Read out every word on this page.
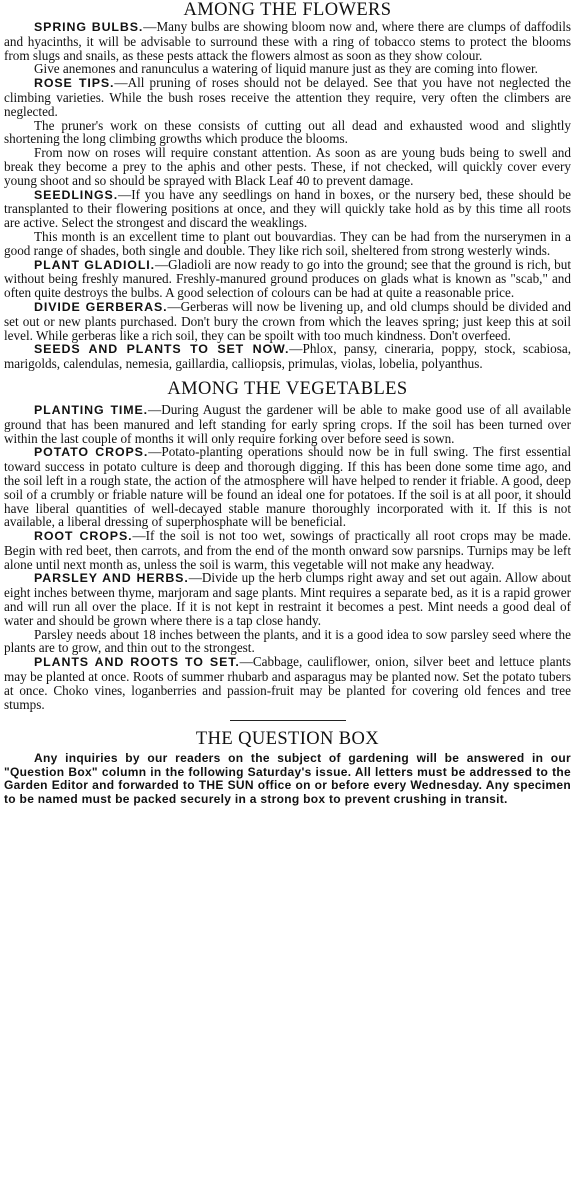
AMONG THE FLOWERS

SPRING BULBS.—Many bulbs are showing bloom now and, where there are clumps of daffodils and hyacinths, it will be advisable to surround these with a ring of tobacco stems to protect the blooms from slugs and snails, as these pests attack the flowers almost as soon as they show colour.

Give anemones and ranunculus a watering of liquid manure just as they are coming into flower.

ROSE TIPS.—All pruning of roses should not be delayed. See that you have not neglected the climbing varieties. While the bush roses receive the attention they require, very often the climbers are neglected.

The pruner's work on these consists of cutting out all dead and exhausted wood and slightly shortening the long climbing growths which produce the blooms.

From now on roses will require constant attention. As soon as are young buds being to swell and break they become a prey to the aphis and other pests. These, if not checked, will quickly cover every young shoot and so should be sprayed with Black Leaf 40 to prevent damage.

SEEDLINGS.—If you have any seedlings on hand in boxes, or the nursery bed, these should be transplanted to their flowering positions at once, and they will quickly take hold as by this time all roots are active. Select the strongest and discard the weaklings.

This month is an excellent time to plant out bouvardias. They can be had from the nurserymen in a good range of shades, both single and double. They like rich soil, sheltered from strong westerly winds.

PLANT GLADIOLI.—Gladioli are now ready to go into the ground; see that the ground is rich, but without being freshly manured. Freshly-manured ground produces on glads what is known as "scab," and often quite destroys the bulbs. A good selection of colours can be had at quite a reasonable price.

DIVIDE GERBERAS.—Gerberas will now be livening up, and old clumps should be divided and set out or new plants purchased. Don't bury the crown from which the leaves spring; just keep this at soil level. While gerberas like a rich soil, they can be spoilt with too much kindness. Don't overfeed.

SEEDS AND PLANTS TO SET NOW.—Phlox, pansy, cineraria, poppy, stock, scabiosa, marigolds, calendulas, nemesia, gaillardia, calliopsis, primulas, violas, lobelia, polyanthus.

AMONG THE VEGETABLES

PLANTING TIME.—During August the gardener will be able to make good use of all available ground that has been manured and left standing for early spring crops. If the soil has been turned over within the last couple of months it will only require forking over before seed is sown.

POTATO CROPS.—Potato-planting operations should now be in full swing. The first essential toward success in potato culture is deep and thorough digging. If this has been done some time ago, and the soil left in a rough state, the action of the atmosphere will have helped to render it friable. A good, deep soil of a crumbly or friable nature will be found an ideal one for potatoes. If the soil is at all poor, it should have liberal quantities of well-decayed stable manure thoroughly incorporated with it. If this is not available, a liberal dressing of superphosphate will be beneficial.

ROOT CROPS.—If the soil is not too wet, sowings of practically all root crops may be made. Begin with red beet, then carrots, and from the end of the month onward sow parsnips. Turnips may be left alone until next month as, unless the soil is warm, this vegetable will not make any headway.

PARSLEY AND HERBS.—Divide up the herb clumps right away and set out again. Allow about eight inches between thyme, marjoram and sage plants. Mint requires a separate bed, as it is a rapid grower and will run all over the place. If it is not kept in restraint it becomes a pest. Mint needs a good deal of water and should be grown where there is a tap close handy.

Parsley needs about 18 inches between the plants, and it is a good idea to sow parsley seed where the plants are to grow, and thin out to the strongest.

PLANTS AND ROOTS TO SET.—Cabbage, cauliflower, onion, silver beet and lettuce plants may be planted at once. Roots of summer rhubarb and asparagus may be planted now. Set the potato tubers at once. Choko vines, loganberries and passion-fruit may be planted for covering old fences and tree stumps.

THE QUESTION BOX

Any inquiries by our readers on the subject of gardening will be answered in our "Question Box" column in the following Saturday's issue. All letters must be addressed to the Garden Editor and forwarded to THE SUN office on or before every Wednesday. Any specimen to be named must be packed securely in a strong box to prevent crushing in transit.
